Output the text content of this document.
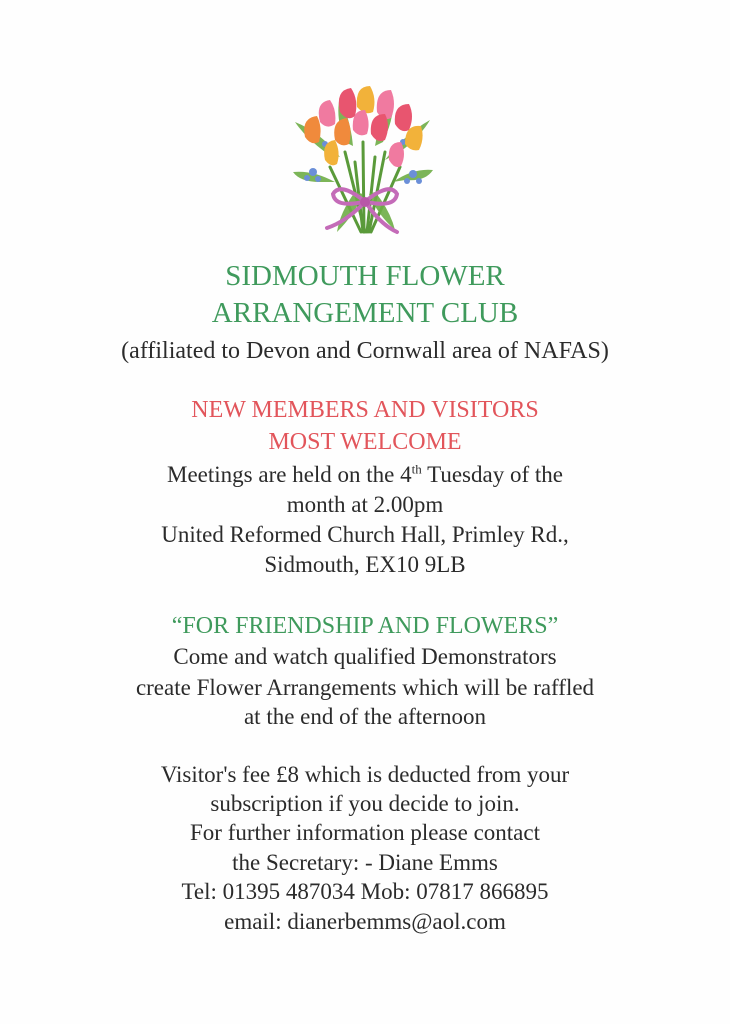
SIDMOUTH FLOWER
ARRANGEMENT CLUB
(affiliated to Devon and Cornwall area of NAFAS)
NEW MEMBERS AND VISITORS
MOST WELCOME
Meetings are held on the 4th Tuesday of the
month at 2.00pm
United Reformed Church Hall, Primley Rd.,
Sidmouth, EX10 9LB
“FOR FRIENDSHIP AND FLOWERS”
Come and watch qualified Demonstrators
create Flower Arrangements which will be raffled
at the end of the afternoon
Visitor's fee £8 which is deducted from your
subscription if you decide to join.
For further information please contact
the Secretary: - Diane Emms
Tel: 01395 487034 Mob: 07817 866895
email: dianerbemms@aol.com
